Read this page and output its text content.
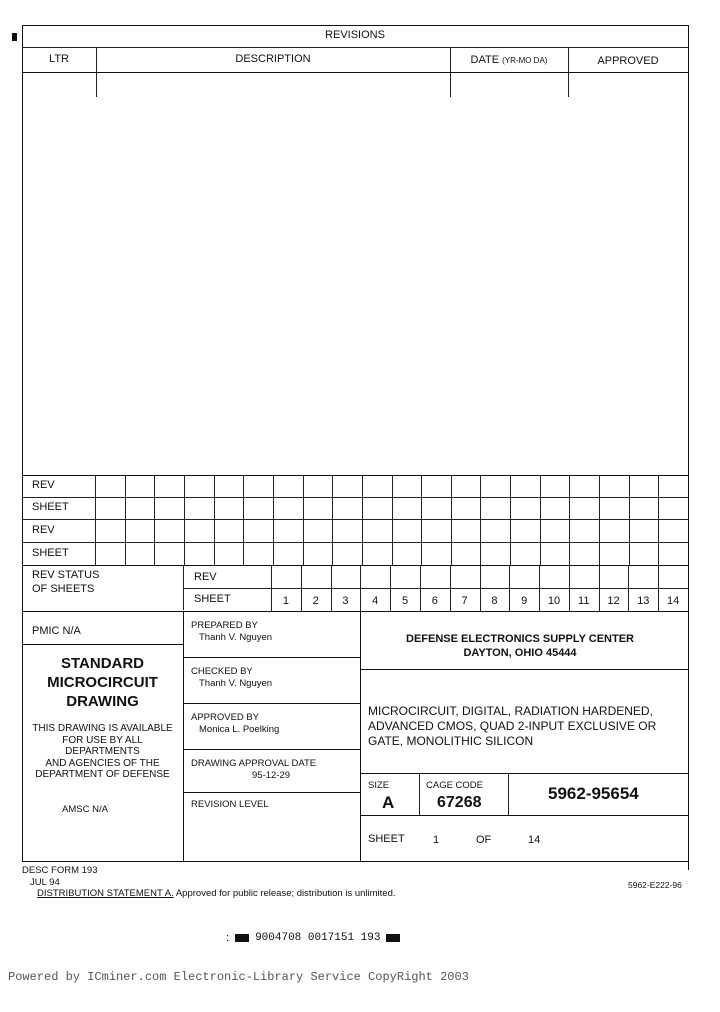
REVISIONS
LTR	DESCRIPTION	DATE (YR-MO DA)	APPROVED
REV
SHEET
REV
SHEET
REV STATUS
OF SHEETS
REV
SHEET	1	2	3	4	5	6	7	8	9	10	11	12	13	14
PMIC N/A
STANDARD
MICROCIRCUIT
DRAWING
THIS DRAWING IS AVAILABLE
FOR USE BY ALL
DEPARTMENTS
AND AGENCIES OF THE
DEPARTMENT OF DEFENSE
AMSC N/A
PREPARED BY
Thanh V. Nguyen
CHECKED BY
Thanh V. Nguyen
APPROVED BY
Monica L. Poelking
DRAWING APPROVAL DATE
95-12-29
REVISION LEVEL
DEFENSE ELECTRONICS SUPPLY CENTER
DAYTON, OHIO 45444
MICROCIRCUIT, DIGITAL, RADIATION HARDENED,
ADVANCED CMOS, QUAD 2-INPUT EXCLUSIVE OR
GATE, MONOLITHIC SILICON
SIZE
A
CAGE CODE
67268	5962-95654
SHEET	1	OF	14
DESC FORM 193
JUL 94
DISTRIBUTION STATEMENT A. Approved for public release; distribution is unlimited.
5962-E222-96
: 9004708 0017151 193
Powered by ICminer.com Electronic-Library Service CopyRight 2003
